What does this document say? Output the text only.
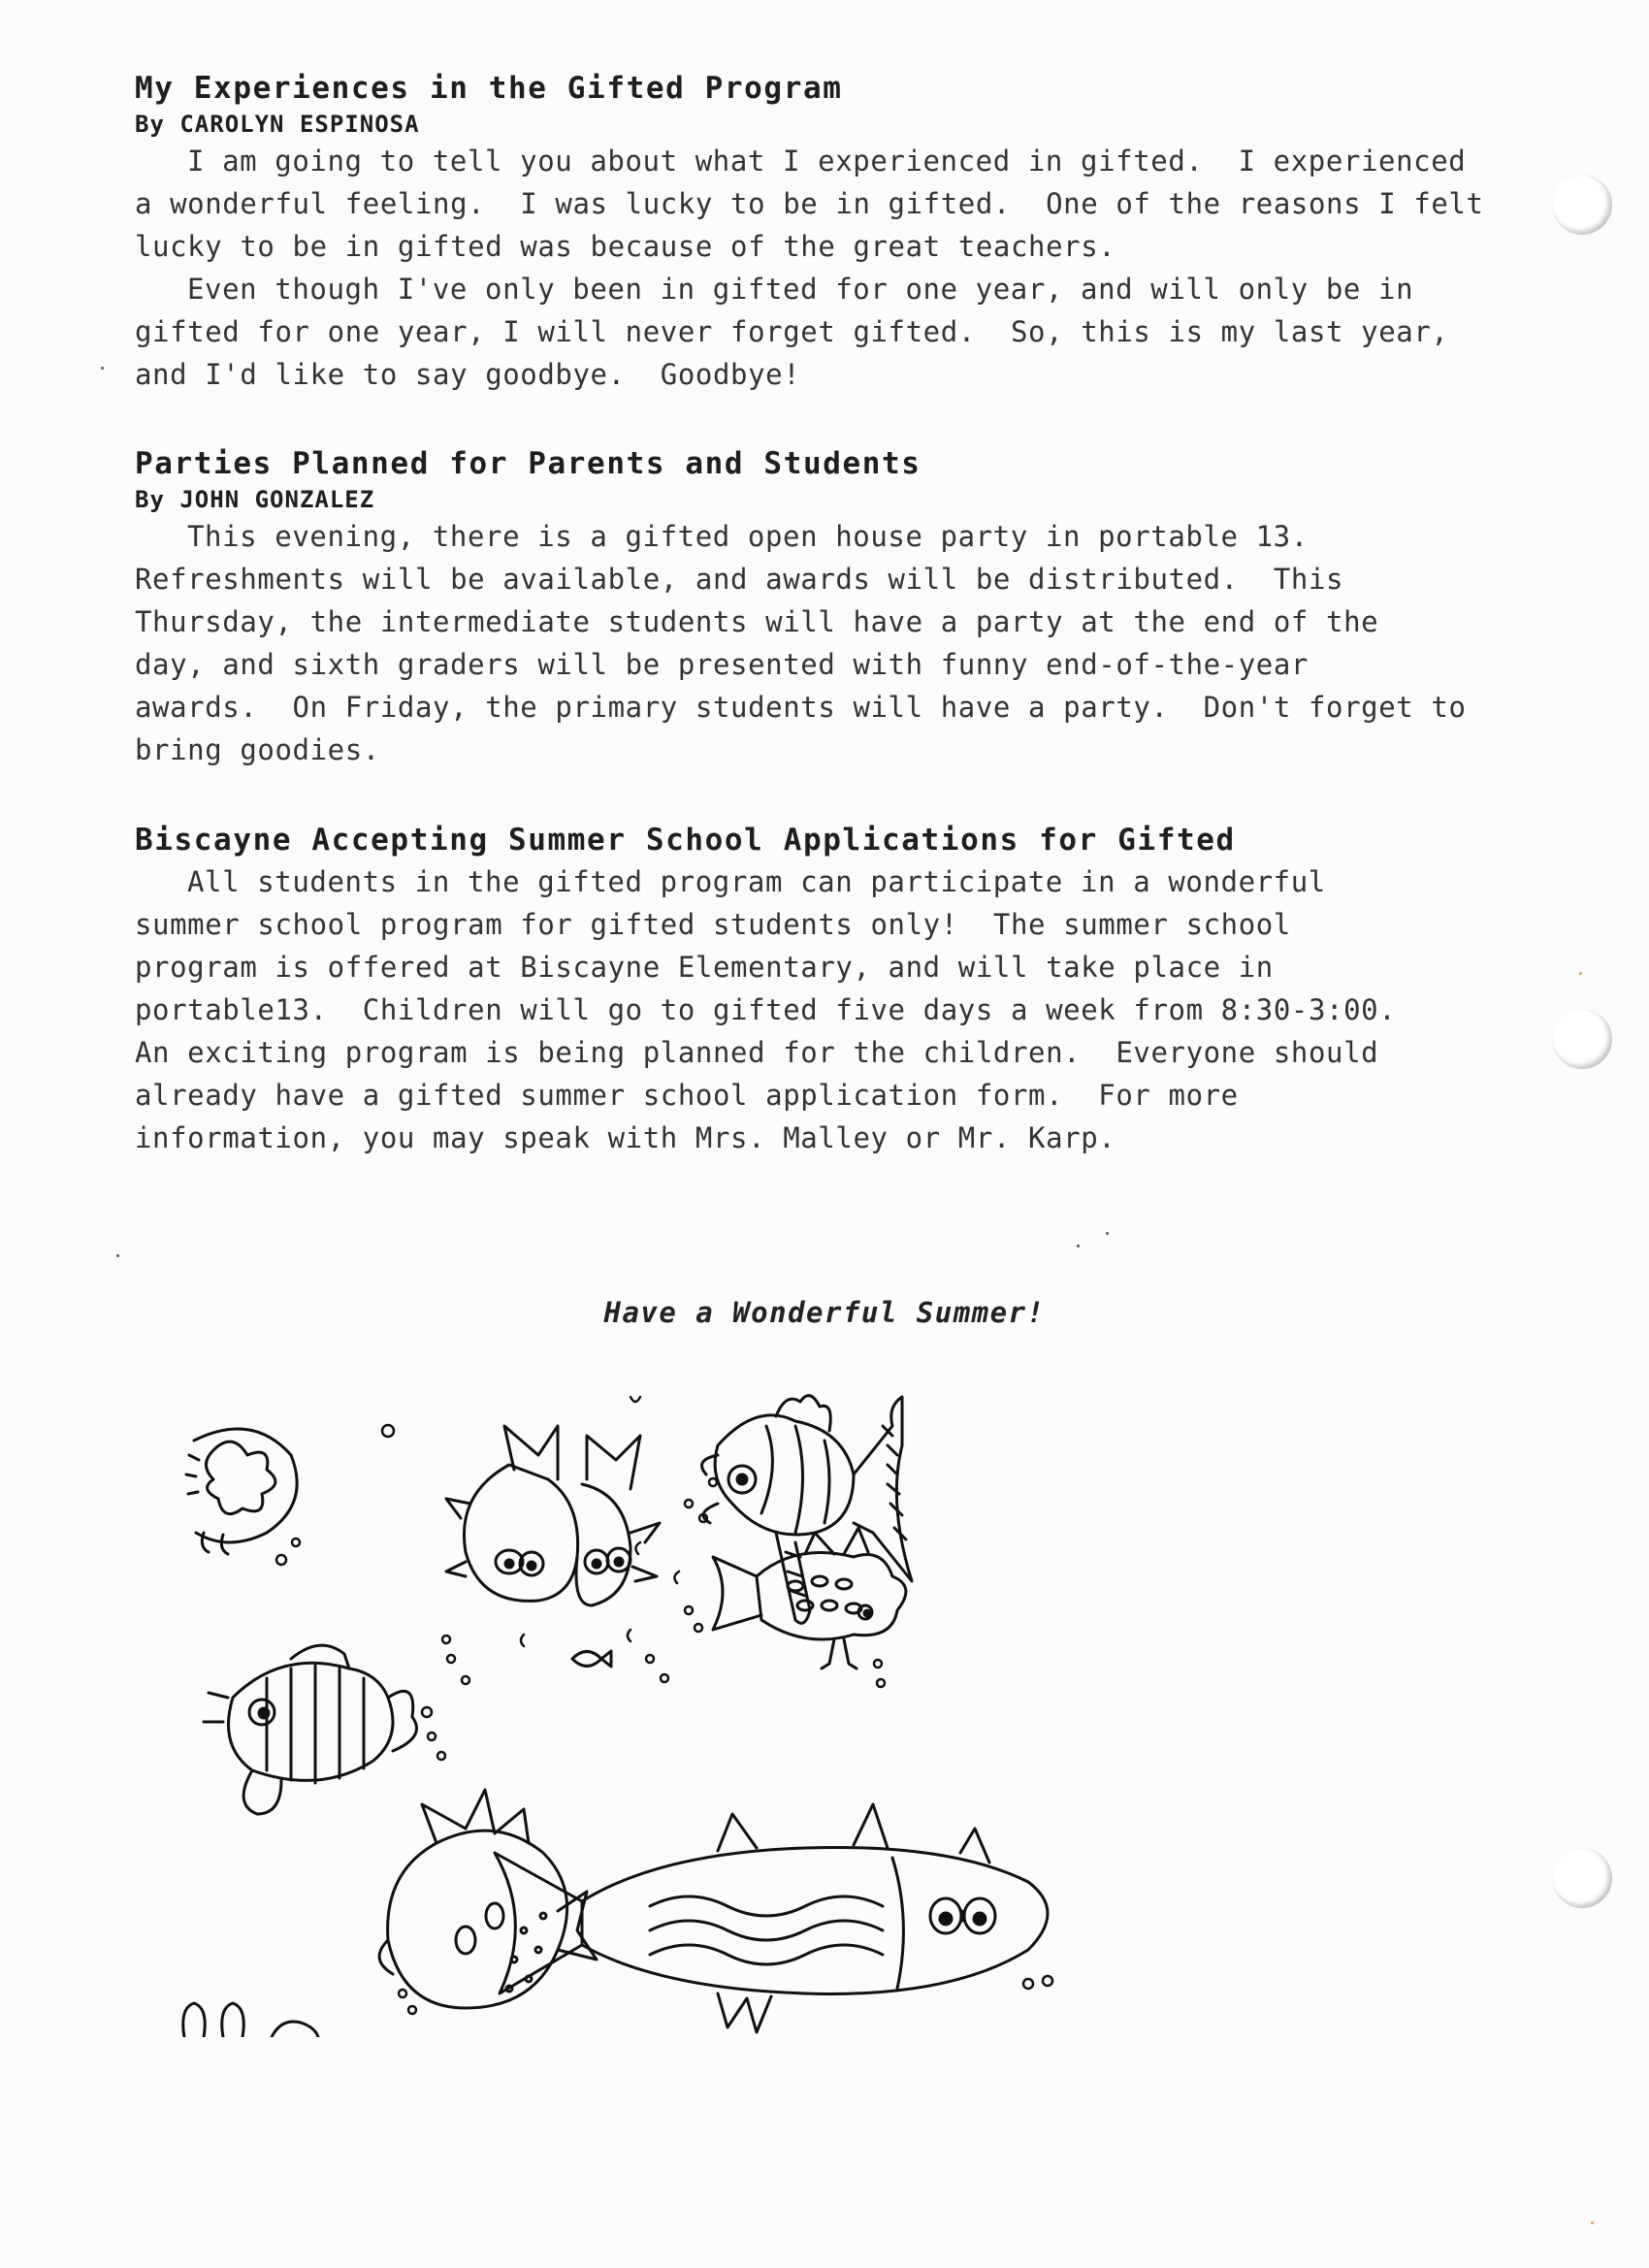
My Experiences in the Gifted Program

By CAROLYN ESPINOSA

I am going to tell you about what I experienced in gifted.  I experienced
a wonderful feeling.  I was lucky to be in gifted.  One of the reasons I felt
lucky to be in gifted was because of the great teachers.
Even though I've only been in gifted for one year, and will only be in
gifted for one year, I will never forget gifted.  So, this is my last year,
and I'd like to say goodbye.  Goodbye!

Parties Planned for Parents and Students

By JOHN GONZALEZ

This evening, there is a gifted open house party in portable 13.
Refreshments will be available, and awards will be distributed.  This
Thursday, the intermediate students will have a party at the end of the
day, and sixth graders will be presented with funny end-of-the-year
awards.  On Friday, the primary students will have a party.  Don't forget to
bring goodies.

Biscayne Accepting Summer School Applications for Gifted

All students in the gifted program can participate in a wonderful
summer school program for gifted students only!  The summer school
program is offered at Biscayne Elementary, and will take place in
portable13.  Children will go to gifted five days a week from 8:30-3:00.
An exciting program is being planned for the children.  Everyone should
already have a gifted summer school application form.  For more
information, you may speak with Mrs. Malley or Mr. Karp.

Have a Wonderful Summer!
